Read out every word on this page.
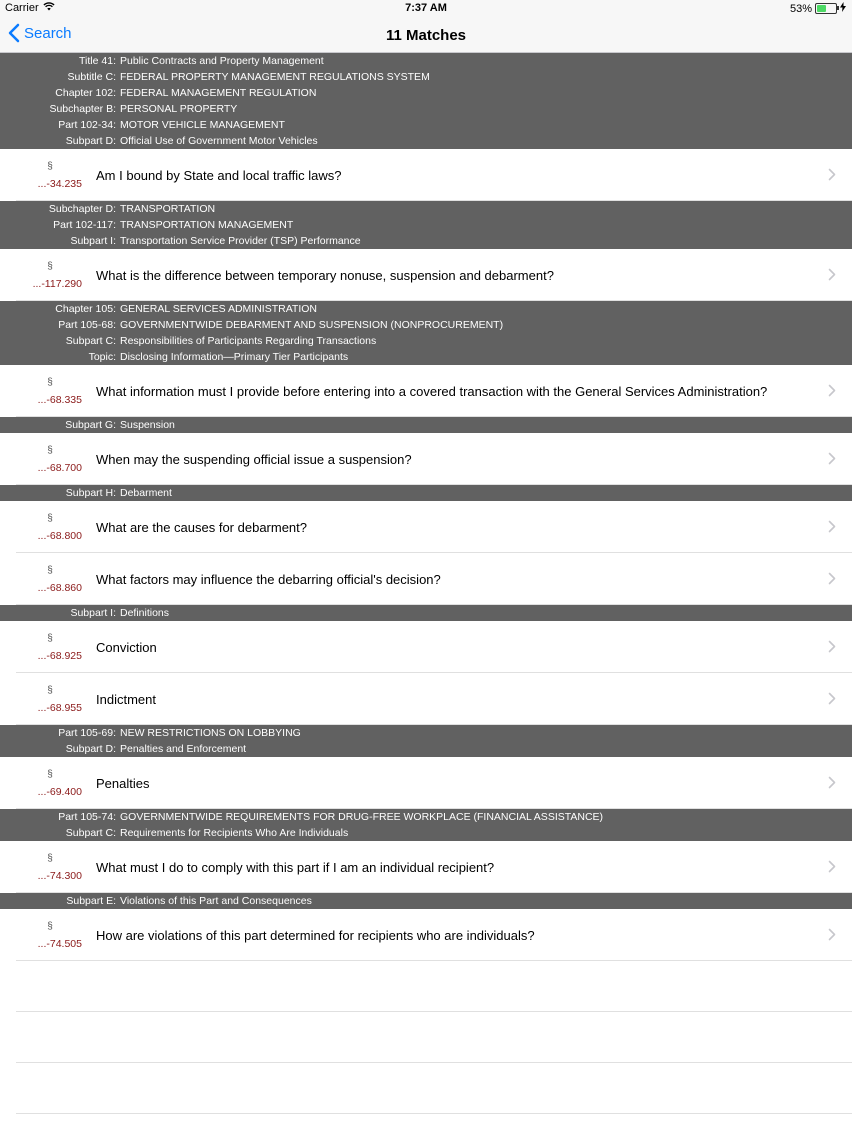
Carrier	7:37 AM	53%
Search	11 Matches
Title 41: Public Contracts and Property Management
Subtitle C: FEDERAL PROPERTY MANAGEMENT REGULATIONS SYSTEM
Chapter 102: FEDERAL MANAGEMENT REGULATION
Subchapter B: PERSONAL PROPERTY
Part 102-34: MOTOR VEHICLE MANAGEMENT
Subpart D: Official Use of Government Motor Vehicles
§
...-34.235
Am I bound by State and local traffic laws?
Subchapter D: TRANSPORTATION
Part 102-117: TRANSPORTATION MANAGEMENT
Subpart I: Transportation Service Provider (TSP) Performance
§
...-117.290
What is the difference between temporary nonuse, suspension and debarment?
Chapter 105: GENERAL SERVICES ADMINISTRATION
Part 105-68: GOVERNMENTWIDE DEBARMENT AND SUSPENSION (NONPROCUREMENT)
Subpart C: Responsibilities of Participants Regarding Transactions
Topic: Disclosing Information—Primary Tier Participants
§
...-68.335
What information must I provide before entering into a covered transaction with the General Services Administration?
Subpart G: Suspension
§
...-68.700
When may the suspending official issue a suspension?
Subpart H: Debarment
§
...-68.800
What are the causes for debarment?
§
...-68.860
What factors may influence the debarring official's decision?
Subpart I: Definitions
§
...-68.925
Conviction
§
...-68.955
Indictment
Part 105-69: NEW RESTRICTIONS ON LOBBYING
Subpart D: Penalties and Enforcement
§
...-69.400
Penalties
Part 105-74: GOVERNMENTWIDE REQUIREMENTS FOR DRUG-FREE WORKPLACE (FINANCIAL ASSISTANCE)
Subpart C: Requirements for Recipients Who Are Individuals
§
...-74.300
What must I do to comply with this part if I am an individual recipient?
Subpart E: Violations of this Part and Consequences
§
...-74.505
How are violations of this part determined for recipients who are individuals?
